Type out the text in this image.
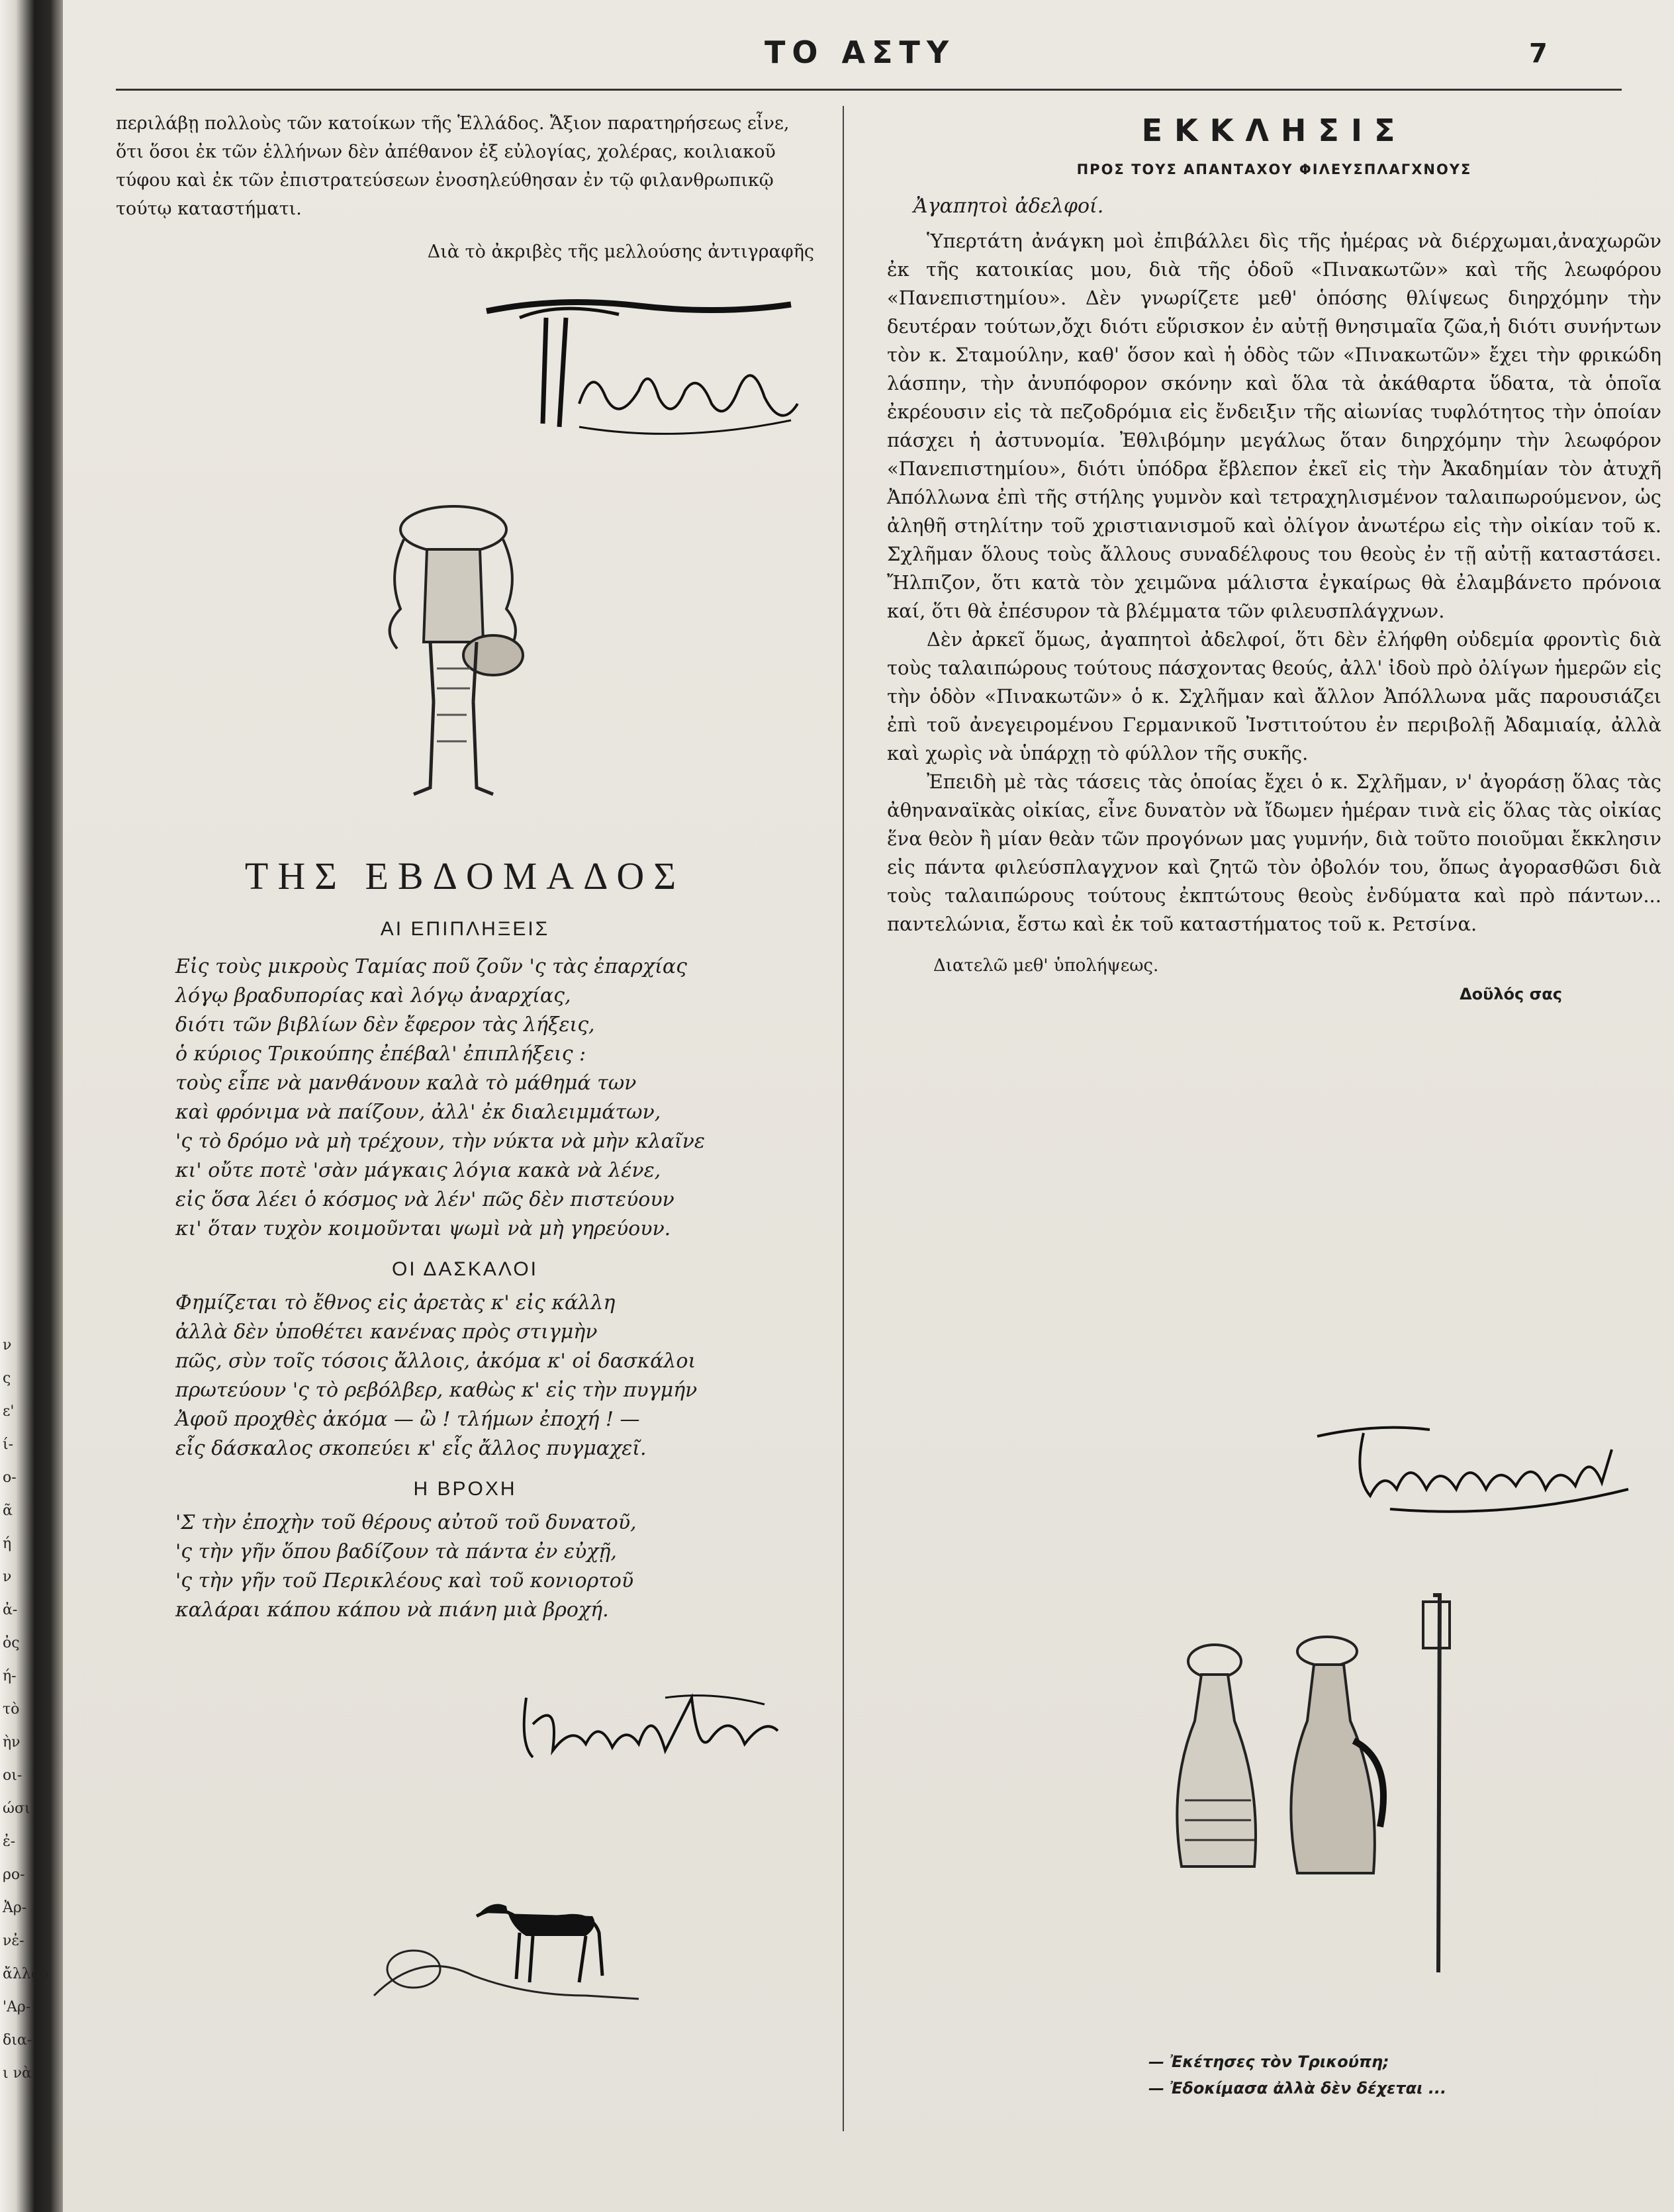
ν
ς
ε'
ί-
ο-
ᾶ
ή
ν
ἀ-
ὀς
ή-
τὸ
ὴν
οι-
ώσι
ἐ-
ρο-
Ἀρ-
νἐ-
ἄλλου
'Αρ-
δια-
ι νὰ
ΤΟ ΑΣΤΥ	7

περιλάβῃ πολλοὺς τῶν κατοίκων τῆς Ἑλλάδος. Ἄξιον παρατηρήσεως εἶνε,

ὅτι ὅσοι ἐκ τῶν ἑλλήνων δὲν ἀπέθανον ἐξ εὐλογίας, χολέρας, κοιλιακοῦ

τύφου καὶ ἐκ τῶν ἐπιστρατεύσεων ἐνοσηλεύθησαν ἐν τῷ φιλανθρωπικῷ

τούτῳ καταστήματι.

Διὰ τὸ ἀκριβὲς τῆς μελλούσης ἀντιγραφῆς

ΤΗΣ ΕΒΔΟΜΑΔΟΣ
ΑΙ ΕΠΙΠΛΗΞΕΙΣ
Εἰς τοὺς μικροὺς Ταμίας ποῦ ζοῦν 'ς τὰς ἐπαρχίας
λόγῳ βραδυπορίας καὶ λόγῳ ἀναρχίας,
διότι τῶν βιβλίων δὲν ἔφερον τὰς λήξεις,
ὁ κύριος Τρικούπης ἐπέβαλ' ἐπιπλήξεις :
τοὺς εἶπε νὰ μανθάνουν καλὰ τὸ μάθημά των
καὶ φρόνιμα νὰ παίζουν, ἀλλ' ἐκ διαλειμμάτων,
'ς τὸ δρόμο νὰ μὴ τρέχουν, τὴν νύκτα νὰ μὴν κλαῖνε
κι' οὔτε ποτὲ 'σὰν μάγκαις λόγια κακὰ νὰ λένε,
εἰς ὅσα λέει ὁ κόσμος νὰ λέν' πῶς δὲν πιστεύουν
κι' ὅταν τυχὸν κοιμοῦνται ψωμὶ νὰ μὴ γηρεύουν.
ΟΙ ΔΑΣΚΑΛΟΙ
Φημίζεται τὸ ἔθνος εἰς ἀρετὰς κ' εἰς κάλλη
ἀλλὰ δὲν ὑποθέτει κανένας πρὸς στιγμὴν
πῶς, σὺν τοῖς τόσοις ἄλλοις, ἀκόμα κ' οἱ δασκάλοι
πρωτεύουν 'ς τὸ ρεβόλβερ, καθὼς κ' εἰς τὴν πυγμήν
Ἀφοῦ προχθὲς ἀκόμα — ὢ ! τλήμων ἐποχή ! —
εἷς δάσκαλος σκοπεύει κ' εἷς ἄλλος πυγμαχεῖ.
Η ΒΡΟΧΗ
'Σ τὴν ἐποχὴν τοῦ θέρους αὐτοῦ τοῦ δυνατοῦ,
'ς τὴν γῆν ὅπου βαδίζουν τὰ πάντα ἐν εὐχῇ,
'ς τὴν γῆν τοῦ Περικλέους καὶ τοῦ κονιορτοῦ
καλάραι κάπου κάπου νὰ πιάνη μιὰ βροχή.
ΕΚΚΛΗΣΙΣ
ΠΡΟΣ ΤΟΥΣ ΑΠΑΝΤΑΧΟΥ ΦΙΛΕΥΣΠΛΑΓΧΝΟΥΣ

Ἀγαπητοὶ ἀδελφοί.

Ὑπερτάτη ἀνάγκη μοὶ ἐπιβάλλει δὶς τῆς ἡμέρας νὰ διέρχωμαι,ἀναχωρῶν ἐκ τῆς κατοικίας μου, διὰ τῆς ὁδοῦ «Πινακωτῶν» καὶ τῆς λεωφόρου «Πανεπιστημίου». Δὲν γνωρίζετε μεθ' ὁπόσης θλίψεως διηρχόμην τὴν δευτέραν τούτων,ὄχι διότι εὕρισκον ἐν αὐτῇ θνησιμαῖα ζῶα,ἡ διότι συνήντων τὸν κ. Σταμούλην, καθ' ὅσον καὶ ἡ ὁδὸς τῶν «Πινακωτῶν» ἔχει τὴν φρικώδη λάσπην, τὴν ἀνυπόφορον σκόνην καὶ ὅλα τὰ ἀκάθαρτα ὕδατα, τὰ ὁποῖα ἐκρέουσιν εἰς τὰ πεζοδρόμια εἰς ἔνδειξιν τῆς αἰωνίας τυφλότητος τὴν ὁποίαν πάσχει ἡ ἀστυνομία. Ἐθλιβόμην μεγάλως ὅταν διηρχόμην τὴν λεωφόρον «Πανεπιστημίου», διότι ὑπόδρα ἔβλεπον ἐκεῖ εἰς τὴν Ἀκαδημίαν τὸν ἀτυχῆ Ἀπόλλωνα ἐπὶ τῆς στήλης γυμνὸν καὶ τετραχηλισμένον ταλαιπωρούμενον, ὡς ἀληθῆ στηλίτην τοῦ χριστιανισμοῦ καὶ ὀλίγον ἀνωτέρω εἰς τὴν οἰκίαν τοῦ κ. Σχλῆμαν ὅλους τοὺς ἄλλους συναδέλφους του θεοὺς ἐν τῇ αὐτῇ καταστάσει. Ἤλπιζον, ὅτι κατὰ τὸν χειμῶνα μάλιστα ἐγκαίρως θὰ ἐλαμβάνετο πρόνοια καί, ὅτι θὰ ἐπέσυρον τὰ βλέμματα τῶν φιλευσπλάγχνων.

Δὲν ἀρκεῖ ὅμως, ἀγαπητοὶ ἀδελφοί, ὅτι δὲν ἐλήφθη οὐδεμία φροντὶς διὰ τοὺς ταλαιπώρους τούτους πάσχοντας θεούς, ἀλλ' ἰδοὺ πρὸ ὀλίγων ἡμερῶν εἰς τὴν ὁδὸν «Πινακωτῶν» ὁ κ. Σχλῆμαν καὶ ἄλλον Ἀπόλλωνα μᾶς παρουσιάζει ἐπὶ τοῦ ἀνεγειρομένου Γερμανικοῦ Ἰνστιτούτου ἐν περιβολῇ Ἀδαμιαίᾳ, ἀλλὰ καὶ χωρὶς νὰ ὑπάρχῃ τὸ φύλλον τῆς συκῆς.

Ἐπειδὴ μὲ τὰς τάσεις τὰς ὁποίας ἔχει ὁ κ. Σχλῆμαν, ν' ἀγοράσῃ ὅλας τὰς ἀθηναναϊκὰς οἰκίας, εἶνε δυνατὸν νὰ ἴδωμεν ἡμέραν τινὰ εἰς ὅλας τὰς οἰκίας ἕνα θεὸν ἢ μίαν θεὰν τῶν προγόνων μας γυμνήν, διὰ τοῦτο ποιοῦμαι ἔκκλησιν εἰς πάντα φιλεύσπλαγχνον καὶ ζητῶ τὸν ὀβολόν του, ὅπως ἀγορασθῶσι διὰ τοὺς ταλαιπώρους τούτους ἐκπτώτους θεοὺς ἐνδύματα καὶ πρὸ πάντων... παντελώνια, ἔστω καὶ ἐκ τοῦ καταστήματος τοῦ κ. Ρετσίνα.

Διατελῶ μεθ' ὑπολήψεως.

Δοῦλός σας

— Ἐκέτησες τὸν Τρικούπη;
— Ἐδοκίμασα ἀλλὰ δὲν δέχεται ...
